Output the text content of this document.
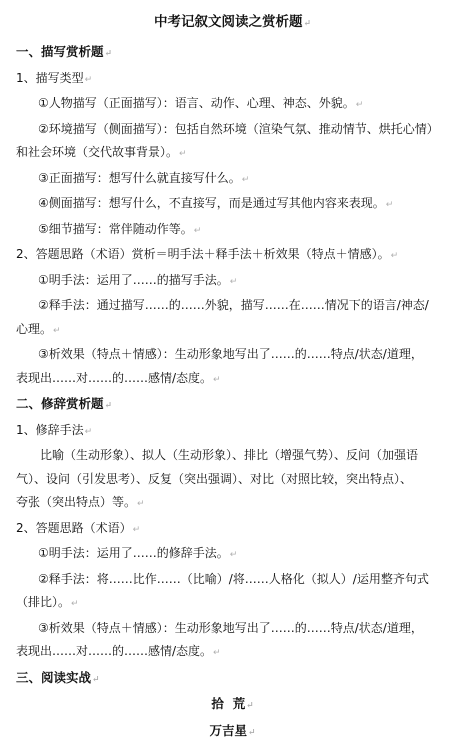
中考记叙文阅读之赏析题↵
一、描写赏析题↵
1、描写类型↵
①人物描写（正面描写）：语言、动作、心理、神态、外貌。↵
②环境描写（侧面描写）：包括自然环境（渲染气氛、推动情节、烘托心情）
和社会环境（交代故事背景）。↵
③正面描写：想写什么就直接写什么。↵
④侧面描写：想写什么，不直接写，而是通过写其他内容来表现。↵
⑤细节描写：常伴随动作等。↵
2、答题思路（术语）赏析＝明手法＋释手法＋析效果（特点＋情感）。↵
①明手法：运用了……的描写手法。↵
②释手法：通过描写……的……外貌，描写……在……情况下的语言/神态/
心理。↵
③析效果（特点＋情感）：生动形象地写出了……的……特点/状态/道理，
表现出……对……的……感情/态度。↵
二、修辞赏析题↵
1、修辞手法↵
比喻（生动形象）、拟人（生动形象）、排比（增强气势）、反问（加强语
气）、设问（引发思考）、反复（突出强调）、对比（对照比较，突出特点）、
夸张（突出特点）等。↵
2、答题思路（术语）↵
①明手法：运用了……的修辞手法。↵
②释手法：将……比作……（比喻）/将……人格化（拟人）/运用整齐句式
（排比）。↵
③析效果（特点＋情感）：生动形象地写出了……的……特点/状态/道理，
表现出……对……的……感情/态度。↵
三、阅读实战↵
拾  荒↵
万吉星↵
